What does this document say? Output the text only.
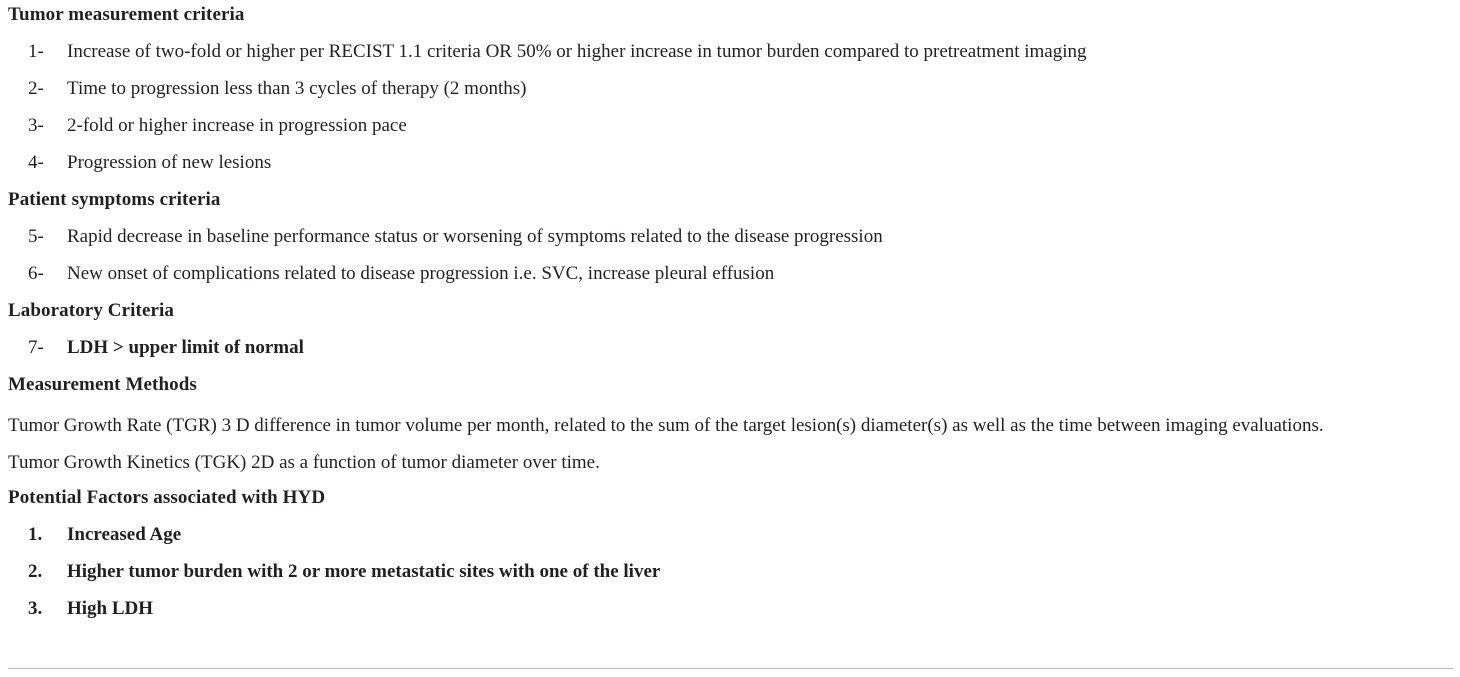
Tumor measurement criteria
1- Increase of two-fold or higher per RECIST 1.1 criteria OR 50% or higher increase in tumor burden compared to pretreatment imaging
2- Time to progression less than 3 cycles of therapy (2 months)
3- 2-fold or higher increase in progression pace
4- Progression of new lesions
Patient symptoms criteria
5- Rapid decrease in baseline performance status or worsening of symptoms related to the disease progression
6- New onset of complications related to disease progression i.e. SVC, increase pleural effusion
Laboratory Criteria
7- LDH > upper limit of normal
Measurement Methods
Tumor Growth Rate (TGR) 3 D difference in tumor volume per month, related to the sum of the target lesion(s) diameter(s) as well as the time between imaging evaluations.
Tumor Growth Kinetics (TGK) 2D as a function of tumor diameter over time.
Potential Factors associated with HYD
1. Increased Age
2. Higher tumor burden with 2 or more metastatic sites with one of the liver
3. High LDH
